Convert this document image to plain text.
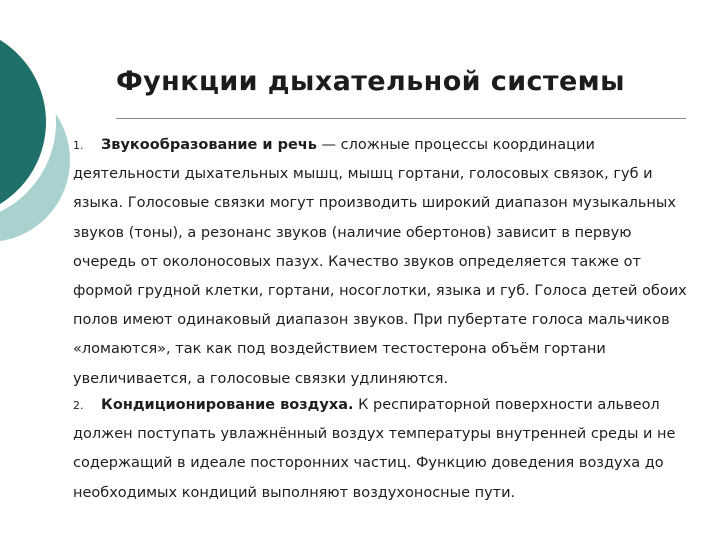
Функции дыхательной системы

1. Звукообразование и речь — сложные процессы координации деятельности дыхательных мышц, мышц гортани, голосовых связок, губ и языка. Голосовые связки могут производить широкий диапазон музыкальных звуков (тоны), а резонанс звуков (наличие обертонов) зависит в первую очередь от околоносовых пазух. Качество звуков определяется также от формой грудной клетки, гортани, носоглотки, языка и губ. Голоса детей обоих полов имеют одинаковый диапазон звуков. При пубертате голоса мальчиков «ломаются», так как под воздействием тестостерона объём гортани увеличивается, а голосовые связки удлиняются.

2. Кондиционирование воздуха. К респираторной поверхности альвеол должен поступать увлажнённый воздух температуры внутренней среды и не содержащий в идеале посторонних частиц. Функцию доведения воздуха до необходимых кондиций выполняют воздухоносные пути.
